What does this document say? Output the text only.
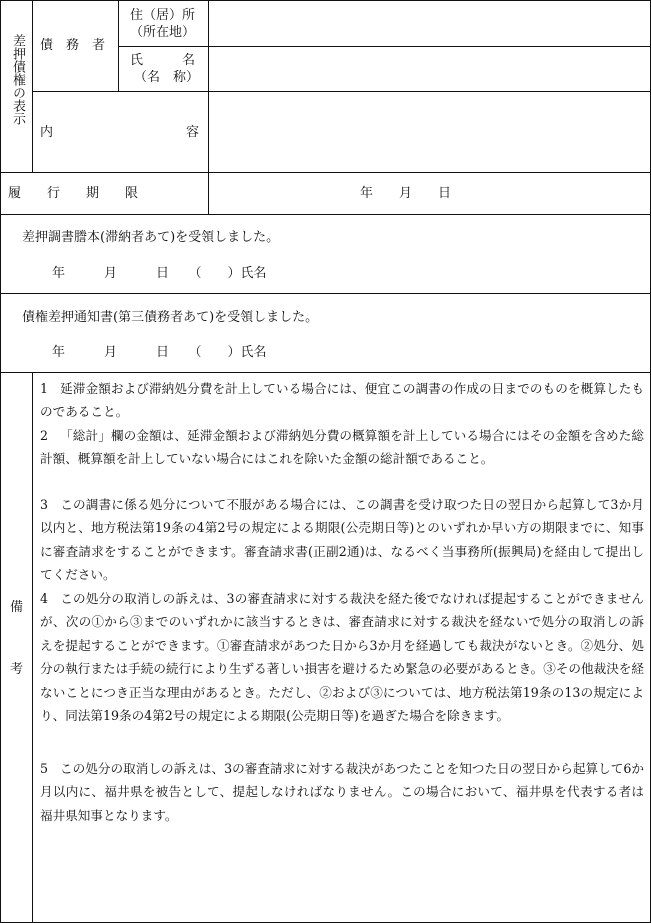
差押債権の表示 債　務　者
住（居）所
（所在地）
氏　　　名
（名　称）
内	容
履　　行　　期　　限	年　　月　　日
差押調書謄本(滞納者あて)を受領しました。
年　　　月　　　日　　（　　）氏名
債権差押通知書(第三債務者あて)を受領しました。
年　　　月　　　日　　（　　）氏名
備
考
1 延滞金額および滞納処分費を計上している場合には、便宜この調書の作成の日までのものを概算したものであること。
2 「総計」欄の金額は、延滞金額および滞納処分費の概算額を計上している場合にはその金額を含めた総計額、概算額を計上していない場合にはこれを除いた金額の総計額であること。
3 この調書に係る処分について不服がある場合には、この調書を受け取つた日の翌日から起算して3か月以内と、地方税法第19条の4第2号の規定による期限(公売期日等)とのいずれか早い方の期限までに、知事に審査請求をすることができます。審査請求書(正副2通)は、なるべく当事務所(振興局)を経由して提出してください。
4 この処分の取消しの訴えは、3の審査請求に対する裁決を経た後でなければ提起することができませんが、次の①から③までのいずれかに該当するときは、審査請求に対する裁決を経ないで処分の取消しの訴えを提起することができます。①審査請求があつた日から3か月を経過しても裁決がないとき。②処分、処分の執行または手続の続行により生ずる著しい損害を避けるため緊急の必要があるとき。③その他裁決を経ないことにつき正当な理由があるとき。ただし、②および③については、地方税法第19条の13の規定により、同法第19条の4第2号の規定による期限(公売期日等)を過ぎた場合を除きます。
5 この処分の取消しの訴えは、3の審査請求に対する裁決があつたことを知つた日の翌日から起算して6か月以内に、福井県を被告として、提起しなければなりません。この場合において、福井県を代表する者は福井県知事となります。
